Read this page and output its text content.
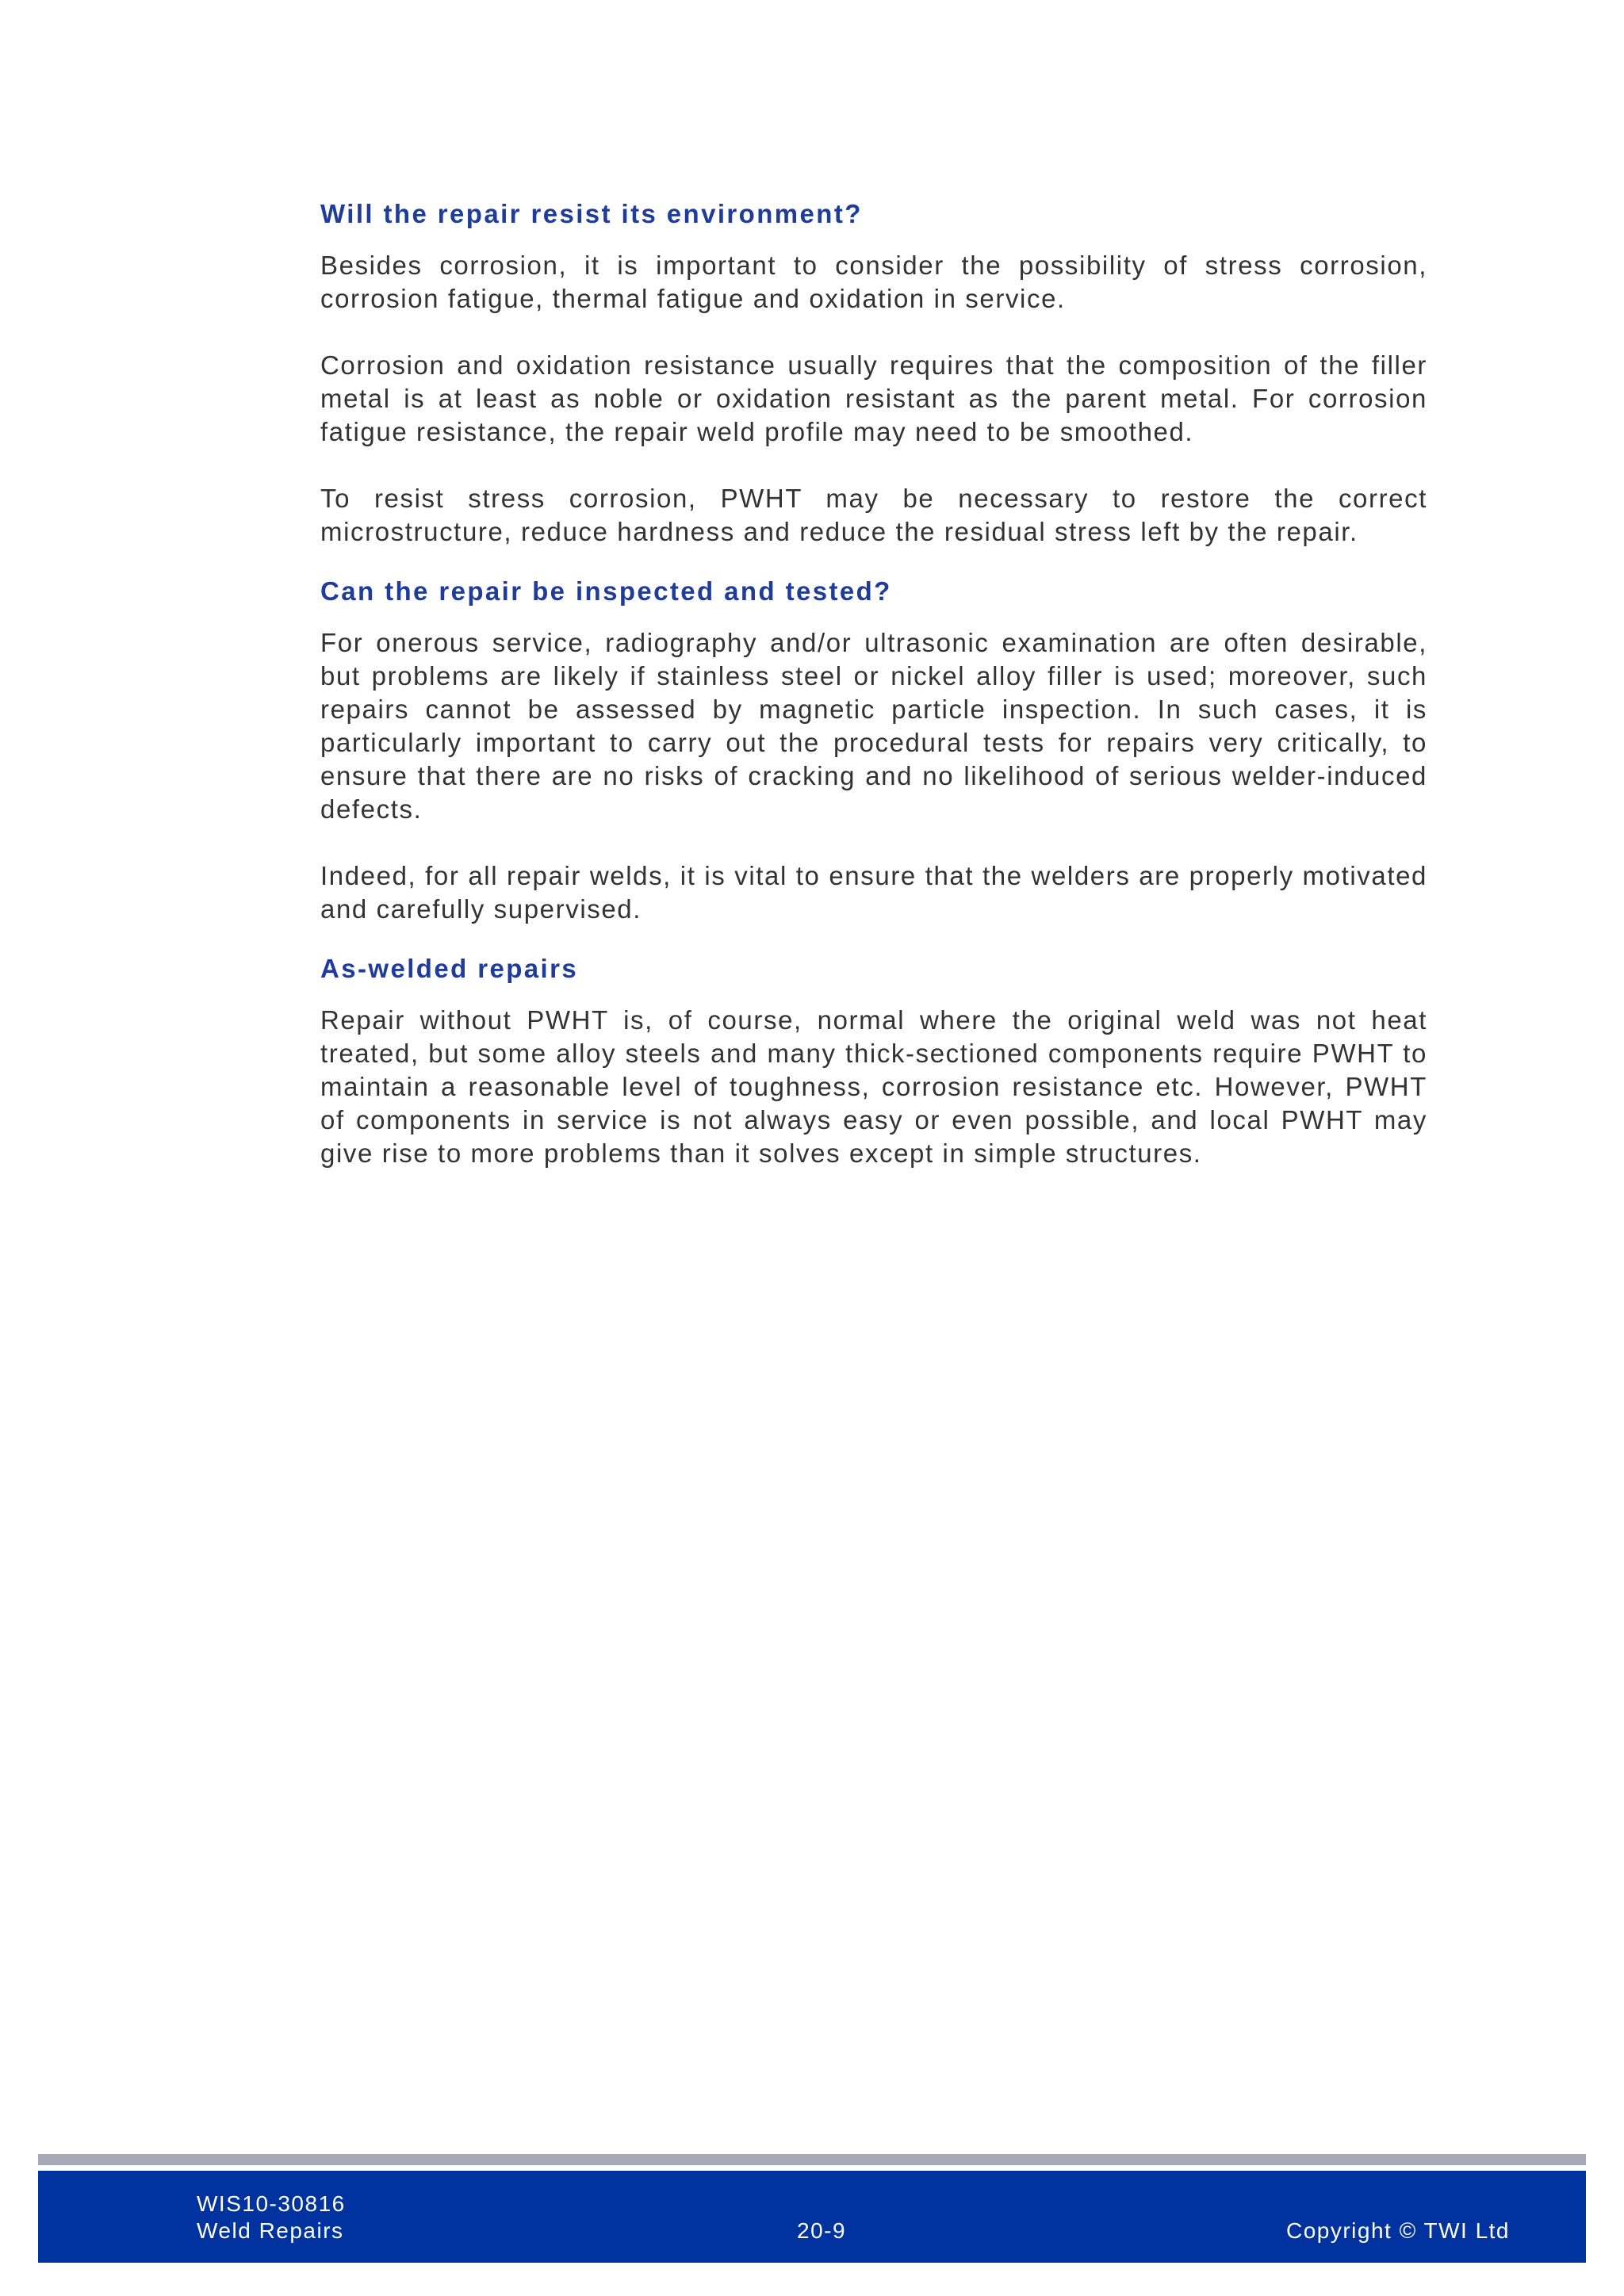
Will the repair resist its environment?

Besides corrosion, it is important to consider the possibility of stress corrosion, corrosion fatigue, thermal fatigue and oxidation in service.

Corrosion and oxidation resistance usually requires that the composition of the filler metal is at least as noble or oxidation resistant as the parent metal. For corrosion fatigue resistance, the repair weld profile may need to be smoothed.

To resist stress corrosion, PWHT may be necessary to restore the correct microstructure, reduce hardness and reduce the residual stress left by the repair.

Can the repair be inspected and tested?

For onerous service, radiography and/or ultrasonic examination are often desirable, but problems are likely if stainless steel or nickel alloy filler is used; moreover, such repairs cannot be assessed by magnetic particle inspection. In such cases, it is particularly important to carry out the procedural tests for repairs very critically, to ensure that there are no risks of cracking and no likelihood of serious welder-induced defects.

Indeed, for all repair welds, it is vital to ensure that the welders are properly motivated and carefully supervised.

As-welded repairs

Repair without PWHT is, of course, normal where the original weld was not heat treated, but some alloy steels and many thick-sectioned components require PWHT to maintain a reasonable level of toughness, corrosion resistance etc. However, PWHT of components in service is not always easy or even possible, and local PWHT may give rise to more problems than it solves except in simple structures.

WIS10-30816
Weld Repairs	20-9	Copyright © TWI Ltd
